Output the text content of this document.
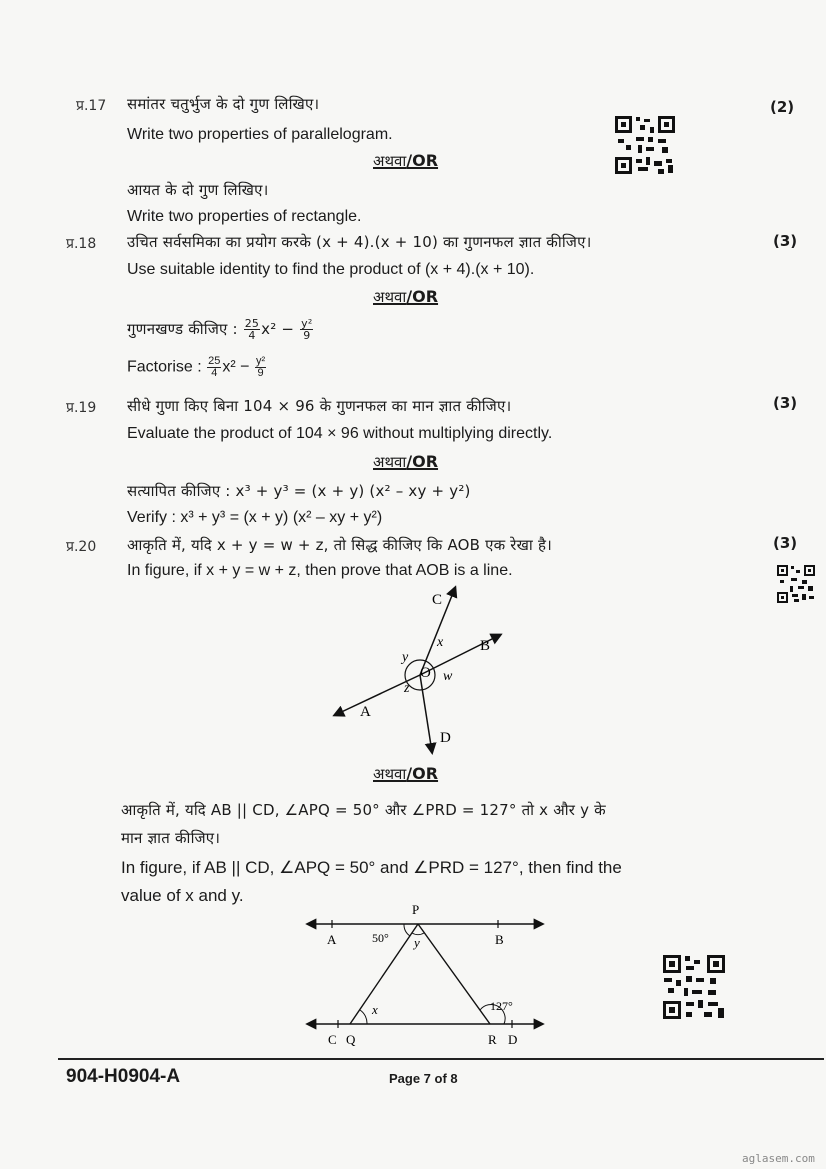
प्र.17 समांतर चतुर्भुज के दो गुण लिखिए।	(2)
Write two properties of parallelogram.
अथवा/OR
आयत के दो गुण लिखिए।
Write two properties of rectangle.
प्र.18 उचित सर्वसमिका का प्रयोग करके (x + 4).(x + 10) का गुणनफल ज्ञात कीजिए।	(3)
Use suitable identity to find the product of (x + 4).(x + 10).
अथवा/OR
गुणनखण्ड कीजिए : $\frac{25}{4} x^2 - \frac{\text{y²}}{9}$
Factorise : $\frac{25}{4} x^2 - \frac{\text{y²}}{9}$
प्र.19 सीधे गुणा किए बिना 104 × 96 के गुणनफल का मान ज्ञात कीजिए।	(3)
Evaluate the product of 104 × 96 without multiplying directly.
अथवा/OR
सत्यापित कीजिए : x³ + y³ = (x + y) (x² – xy + y²)
Verify : x³ + y³ = (x + y) (x² – xy + y²)
प्र.20 आकृति में, यदि x + y = w + z, तो सिद्ध कीजिए कि AOB एक रेखा है।	(3)
In figure, if x + y = w + z, then prove that AOB is a line.
C
B
A
D
O
x
y
z
w
अथवा/OR
आकृति में, यदि AB || CD, ∠APQ = 50° और ∠PRD = 127° तो x और y के
मान ज्ञात कीजिए।
In figure, if AB || CD, ∠APQ = 50° and ∠PRD = 127°, then find the
value of x and y.
P
A	B
50° y
x	127°
C Q	R D
904-H0904-A	Page 7 of 8
aglasem.com
